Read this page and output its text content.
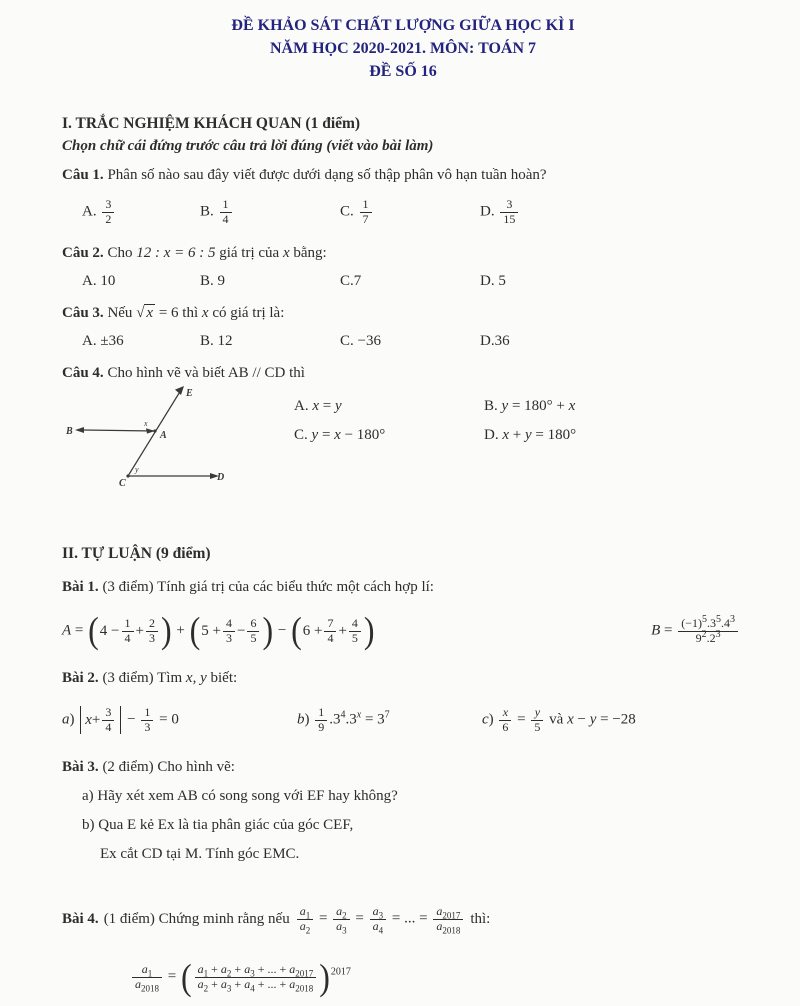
ĐỀ KHẢO SÁT CHẤT LƯỢNG GIỮA HỌC KÌ I
NĂM HỌC 2020-2021. MÔN: TOÁN 7
ĐỀ SỐ 16
I. TRẮC NGHIỆM KHÁCH QUAN (1 điểm)
Chọn chữ cái đứng trước câu trả lời đúng (viết vào bài làm)
Câu 1. Phân số nào sau đây viết được dưới dạng số thập phân vô hạn tuần hoàn?
A. $\frac{3}{2}$	B. $\frac{1}{4}$	C. $\frac{1}{7}$	D. $\frac{3}{15}$
Câu 2. Cho 12 : x = 6 : 5 giá trị của x bằng:
A. 10	B. 9	C.7	D. 5
Câu 3. Nếu √ x = 6 thì x có giá trị là:
A. ±36	B. 12	C. −36	D.36
Câu 4. Cho hình vẽ và biết AB // CD thì
B
E
A
C
D
x
y
A. x = y	B. y = 180° + x
C. y = x − 180°	D. x + y = 180°
II. TỰ LUẬN (9 điểm)
Bài 1. (3 điểm) Tính giá trị của các biểu thức một cách hợp lí:
A = ( 4 − 1
4 + 2
3 ) + ( 5 + 4
3 − 6
5 ) − ( 6 + 7
4 + 4
5 )	$B = \frac{(-1)^5.3^5.4^3}{9^2.2^3}$
Bài 2. (3 điểm) Tìm x, y biết:
a) x + 3
$4 - \frac{1}{3} = 0$	$b) \frac{1}{9} .3^4.3^x = 3^7$	$c) \frac{x}{6} = \frac{y}{5}$ và x − y = −28
Bài 3. (2 điểm) Cho hình vẽ:
a) Hãy xét xem AB có song song với EF hay không?
b) Qua E kẻ Ex là tia phân giác của góc CEF,
Ex cắt CD tại M. Tính góc EMC.
Bài 4. (1 điểm) Chứng minh rằng nếu $\frac{a_1}{a_2} = \frac{a_2}{a_3} = \frac{a_3}{a_4}$ = ... = $\frac{a_{2017}}{a_{2018}}$ thì:
$\frac{a_1}{a_{2018}}$ = ( $a_1 + a_2 + a_3$ + ... + $a_{2017}$
$a_2 + a_3 + a_4$ + ... + $a_{2018}$ ) $^{2017}$
